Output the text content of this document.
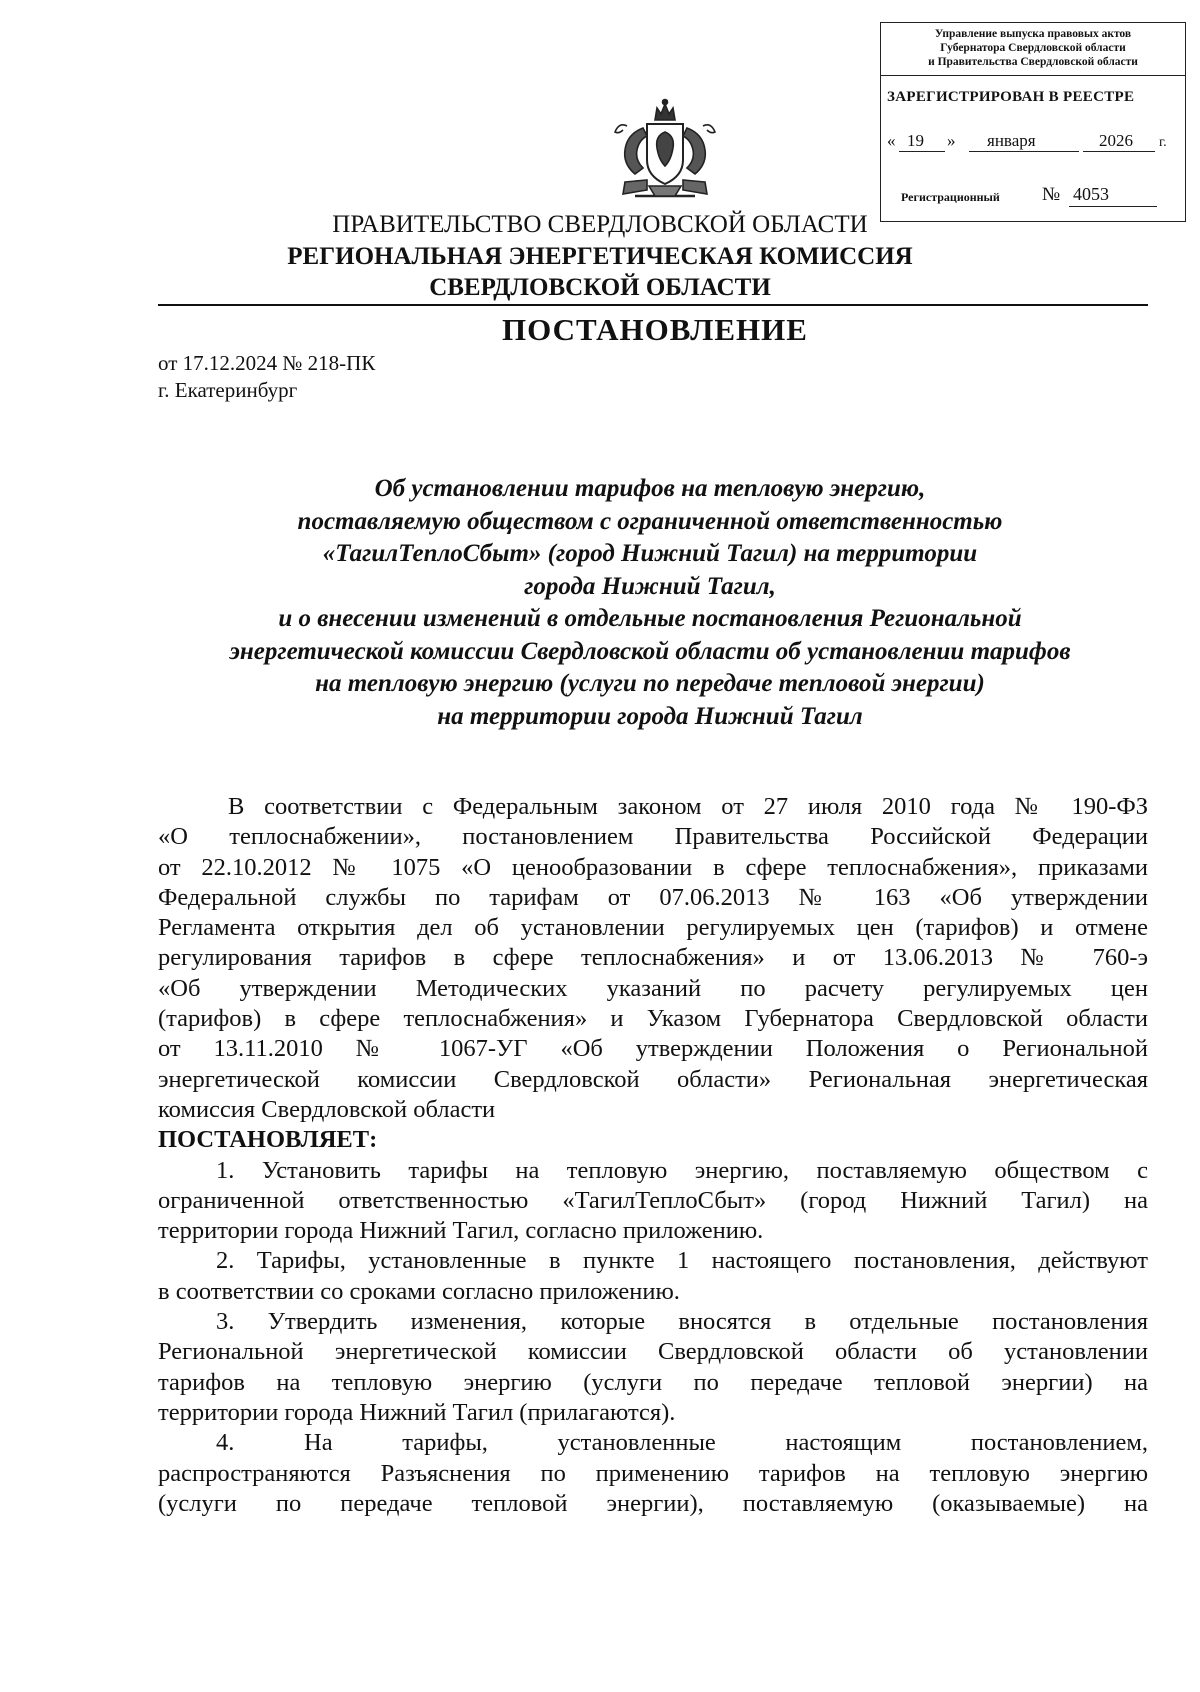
Управление выпуска правовых актов
Губернатора Свердловской области
и Правительства Свердловской области
ЗАРЕГИСТРИРОВАН В РЕЕСТРЕ
« 19 » января	2026 г.
Регистрационный № 4053
ПРАВИТЕЛЬСТВО СВЕРДЛОВСКОЙ ОБЛАСТИ
РЕГИОНАЛЬНАЯ ЭНЕРГЕТИЧЕСКАЯ КОМИССИЯ
СВЕРДЛОВСКОЙ ОБЛАСТИ
ПОСТАНОВЛЕНИЕ
от 17.12.2024 № 218-ПК
г. Екатеринбург
Об установлении тарифов на тепловую энергию,
поставляемую обществом с ограниченной ответственностью
«ТагилТеплоСбыт» (город Нижний Тагил) на территории
города Нижний Тагил,
и о внесении изменений в отдельные постановления Региональной
энергетической комиссии Свердловской области об установлении тарифов
на тепловую энергию (услуги по передаче тепловой энергии)
на территории города Нижний Тагил
В соответствии с Федеральным законом от 27 июля 2010 года № 190-ФЗ
«О теплоснабжении», постановлением Правительства Российской Федерации
от 22.10.2012 № 1075 «О ценообразовании в сфере теплоснабжения», приказами
Федеральной службы по тарифам от 07.06.2013 № 163 «Об утверждении
Регламента открытия дел об установлении регулируемых цен (тарифов) и отмене
регулирования тарифов в сфере теплоснабжения» и от 13.06.2013 № 760-э
«Об утверждении Методических указаний по расчету регулируемых цен
(тарифов) в сфере теплоснабжения» и Указом Губернатора Свердловской области
от 13.11.2010 № 1067-УГ «Об утверждении Положения о Региональной
энергетической комиссии Свердловской области» Региональная энергетическая
комиссия Свердловской области
ПОСТАНОВЛЯЕТ:
1. Установить тарифы на тепловую энергию, поставляемую обществом с
ограниченной ответственностью «ТагилТеплоСбыт» (город Нижний Тагил) на
территории города Нижний Тагил, согласно приложению.
2. Тарифы, установленные в пункте 1 настоящего постановления, действуют
в соответствии со сроками согласно приложению.
3. Утвердить изменения, которые вносятся в отдельные постановления
Региональной энергетической комиссии Свердловской области об установлении
тарифов на тепловую энергию (услуги по передаче тепловой энергии) на
территории города Нижний Тагил (прилагаются).
4. На тарифы, установленные настоящим постановлением,
распространяются Разъяснения по применению тарифов на тепловую энергию
(услуги по передаче тепловой энергии), поставляемую (оказываемые) на
